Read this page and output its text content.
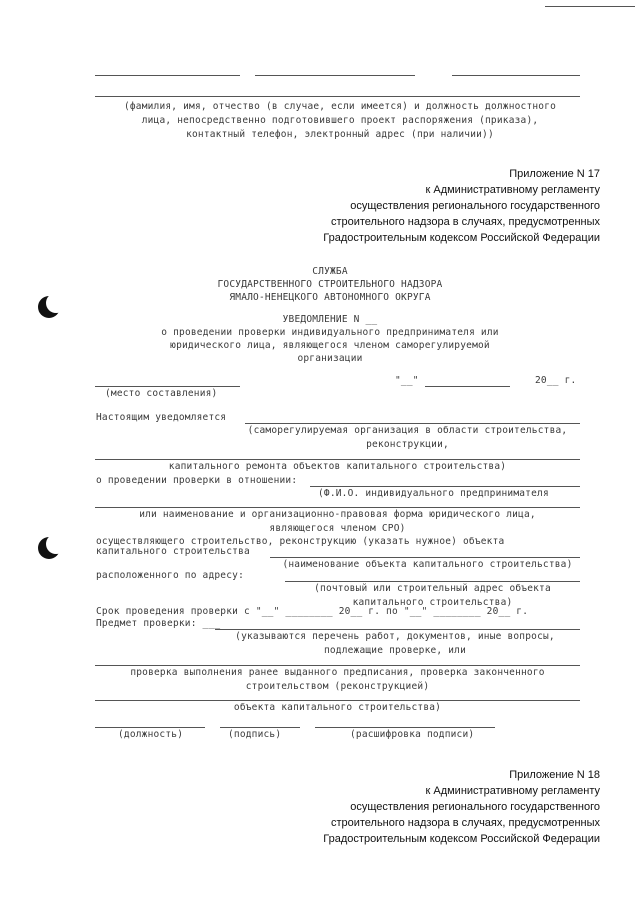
(фамилия, имя, отчество (в случае, если имеется) и должность должностного
лица, непосредственно подготовившего проект распоряжения (приказа),
контактный телефон, электронный адрес (при наличии))
Приложение N 17
к Административному регламенту
осуществления регионального государственного
строительного надзора в случаях, предусмотренных
Градостроительным кодексом Российской Федерации
СЛУЖБА
ГОСУДАРСТВЕННОГО СТРОИТЕЛЬНОГО НАДЗОРА
ЯМАЛО-НЕНЕЦКОГО АВТОНОМНОГО ОКРУГА
УВЕДОМЛЕНИЕ N __
о проведении проверки индивидуального предпринимателя или
юридического лица, являющегося членом саморегулируемой
организации
"__"	20__ г.
(место составления)
Настоящим уведомляется
(саморегулируемая организация в области строительства,
реконструкции,
капитального ремонта объектов капитального строительства)
о проведении проверки в отношении:
(Ф.И.О. индивидуального предпринимателя
или наименование и организационно-правовая форма юридического лица,
являющегося членом СРО)
осуществляющего строительство, реконструкцию (указать нужное) объекта
капитального строительства
(наименование объекта капитального строительства)
расположенного по адресу:
(почтовый или строительный адрес объекта
капитального строительства)
Срок проведения проверки с "__" ________ 20__ г. по "__" ________ 20__ г.
Предмет проверки: ___
(указываются перечень работ, документов, иные вопросы,
подлежащие проверке, или
проверка выполнения ранее выданного предписания, проверка законченного
строительством (реконструкцией)
объекта капитального строительства)
(должность)	(подпись)	(расшифровка подписи)
Приложение N 18
к Административному регламенту
осуществления регионального государственного
строительного надзора в случаях, предусмотренных
Градостроительным кодексом Российской Федерации
